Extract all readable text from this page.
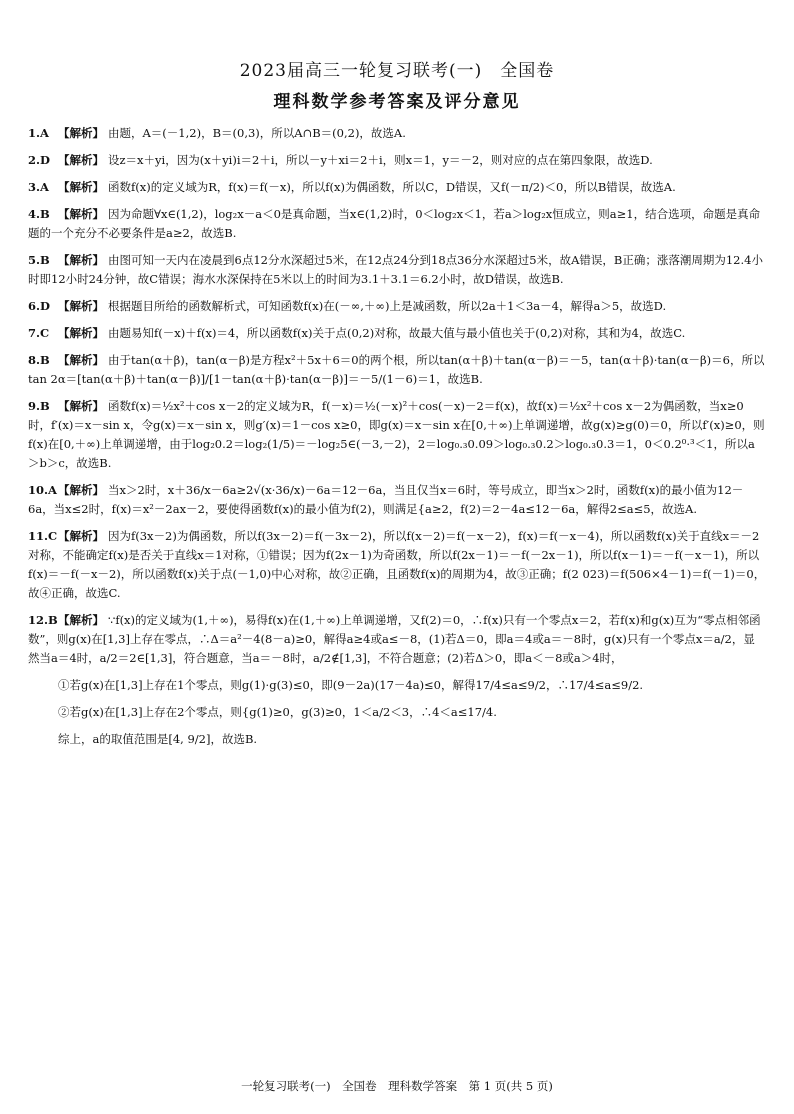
2023届高三一轮复习联考(一)　全国卷
理科数学参考答案及评分意见
1.A 【解析】 由题，A＝(－1,2)，B＝(0,3)，所以A∩B＝(0,2)，故选A.
2.D 【解析】 设z＝x＋yi，因为(x＋yi)i＝2＋i，所以－y＋xi＝2＋i，则x＝1，y＝－2，则对应的点在第四象限，故选D.
3.A 【解析】 函数f(x)的定义域为R，f(x)＝f(－x)，所以f(x)为偶函数，所以C，D错误，又f(－π/2)＜0，所以B错误，故选A.
4.B 【解析】 因为命题∀x∈(1,2)，log₂x－a＜0是真命题，当x∈(1,2)时，0＜log₂x＜1，若a＞log₂x恒成立，则a≥1，结合选项，命题是真命题的一个充分不必要条件是a≥2，故选B.
5.B 【解析】 由图可知一天内在凌晨到6点12分水深超过5米，在12点24分到18点36分水深超过5米，故A错误，B正确；涨落潮周期为12.4小时即12小时24分钟，故C错误；海水水深保持在5米以上的时间为3.1＋3.1＝6.2小时，故D错误，故选B.
6.D 【解析】 根据题目所给的函数解析式，可知函数f(x)在(－∞,＋∞)上是减函数，所以2a＋1＜3a－4，解得a＞5，故选D.
7.C 【解析】 由题易知f(－x)＋f(x)＝4，所以函数f(x)关于点(0,2)对称，故最大值与最小值也关于(0,2)对称，其和为4，故选C.
8.B 【解析】 由于tan(α＋β)，tan(α－β)是方程x²＋5x＋6＝0的两个根，所以tan(α＋β)＋tan(α－β)＝－5，tan(α＋β)·tan(α－β)＝6，所以tan 2α＝[tan(α＋β)＋tan(α－β)]/[1－tan(α＋β)·tan(α－β)]＝－5/(1－6)＝1，故选B.
9.B 【解析】 函数f(x)＝½x²＋cos x－2的定义域为R，f(－x)＝½(－x)²＋cos(－x)－2＝f(x)，故f(x)＝½x²＋cos x－2为偶函数，当x≥0时，f′(x)＝x－sin x，令g(x)＝x－sin x，则g′(x)＝1－cos x≥0，即g(x)＝x－sin x在[0,＋∞)上单调递增，故g(x)≥g(0)＝0，所以f′(x)≥0，则f(x)在[0,＋∞)上单调递增，由于log₂0.2＝log₂(1/5)＝－log₂5∈(－3,－2)，2＝log₀.₃0.09＞log₀.₃0.2＞log₀.₃0.3＝1，0＜0.2⁰·³＜1，所以a＞b＞c，故选B.
10.A【解析】 当x＞2时，x＋36/x－6a≥2√(x·36/x)－6a＝12－6a，当且仅当x＝6时，等号成立，即当x＞2时，函数f(x)的最小值为12－6a，当x≤2时，f(x)＝x²－2ax－2，要使得函数f(x)的最小值为f(2)，则满足{a≥2，f(2)＝2－4a≤12－6a，解得2≤a≤5，故选A.
11.C【解析】 因为f(3x－2)为偶函数，所以f(3x－2)＝f(－3x－2)，所以f(x－2)＝f(－x－2)，f(x)＝f(－x－4)，所以函数f(x)关于直线x＝－2对称，不能确定f(x)是否关于直线x＝1对称，①错误；因为f(2x－1)为奇函数，所以f(2x－1)＝－f(－2x－1)，所以f(x－1)＝－f(－x－1)，所以f(x)＝－f(－x－2)，所以函数f(x)关于点(－1,0)中心对称，故②正确，且函数f(x)的周期为4，故③正确；f(2 023)＝f(506×4－1)＝f(－1)＝0，故④正确，故选C.
12.B【解析】 ∵f(x)的定义域为(1,＋∞)，易得f(x)在(1,＋∞)上单调递增，又f(2)＝0，∴f(x)只有一个零点x＝2，若f(x)和g(x)互为“零点相邻函数”，则g(x)在[1,3]上存在零点，∴Δ＝a²－4(8－a)≥0，解得a≥4或a≤－8，(1)若Δ＝0，即a＝4或a＝－8时，g(x)只有一个零点x＝a/2，显然当a＝4时，a/2＝2∈[1,3]，符合题意，当a＝－8时，a/2∉[1,3]，不符合题意；(2)若Δ＞0，即a＜－8或a＞4时，
①若g(x)在[1,3]上存在1个零点，则g(1)·g(3)≤0，即(9－2a)(17－4a)≤0，解得17/4≤a≤9/2，∴17/4≤a≤9/2.
②若g(x)在[1,3]上存在2个零点，则{g(1)≥0，g(3)≥0，1＜a/2＜3，∴4＜a≤17/4.
综上，a的取值范围是[4, 9/2]，故选B.
一轮复习联考(一)　全国卷　理科数学答案　第 1 页(共 5 页)
